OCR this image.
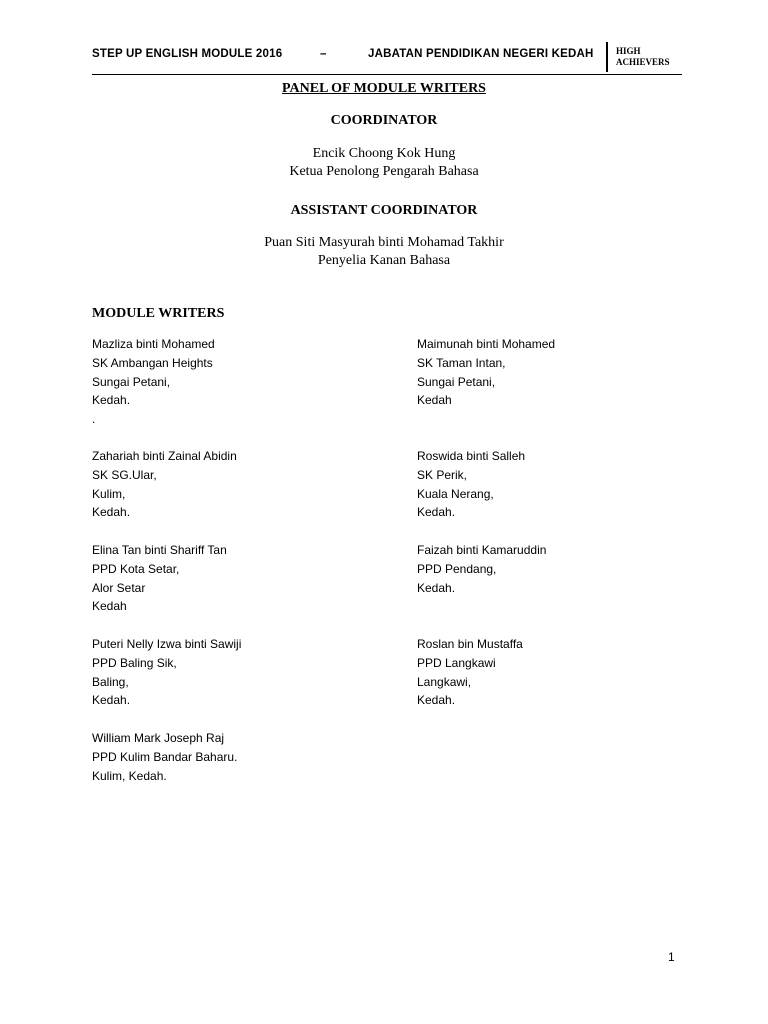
STEP UP ENGLISH MODULE 2016	–	JABATAN PENDIDIKAN NEGERI KEDAH HIGH
ACHIEVERS
PANEL OF MODULE WRITERS
COORDINATOR
Encik Choong Kok Hung
Ketua Penolong Pengarah Bahasa
ASSISTANT COORDINATOR
Puan Siti Masyurah binti Mohamad Takhir
Penyelia Kanan Bahasa
MODULE WRITERS
Mazliza binti Mohamed
SK Ambangan Heights
Sungai Petani,
Kedah.
.
Maimunah binti Mohamed
SK Taman Intan,
Sungai Petani,
Kedah
Zahariah binti Zainal Abidin
SK SG.Ular,
Kulim,
Kedah.
Roswida binti Salleh
SK Perik,
Kuala Nerang,
Kedah.
Elina Tan binti Shariff Tan
PPD Kota Setar,
Alor Setar
Kedah
Faizah binti Kamaruddin
PPD Pendang,
Kedah.
Puteri Nelly Izwa binti Sawiji
PPD Baling Sik,
Baling,
Kedah.
Roslan bin Mustaffa
PPD Langkawi
Langkawi,
Kedah.
William Mark Joseph Raj
PPD Kulim Bandar Baharu.
Kulim, Kedah.
1
